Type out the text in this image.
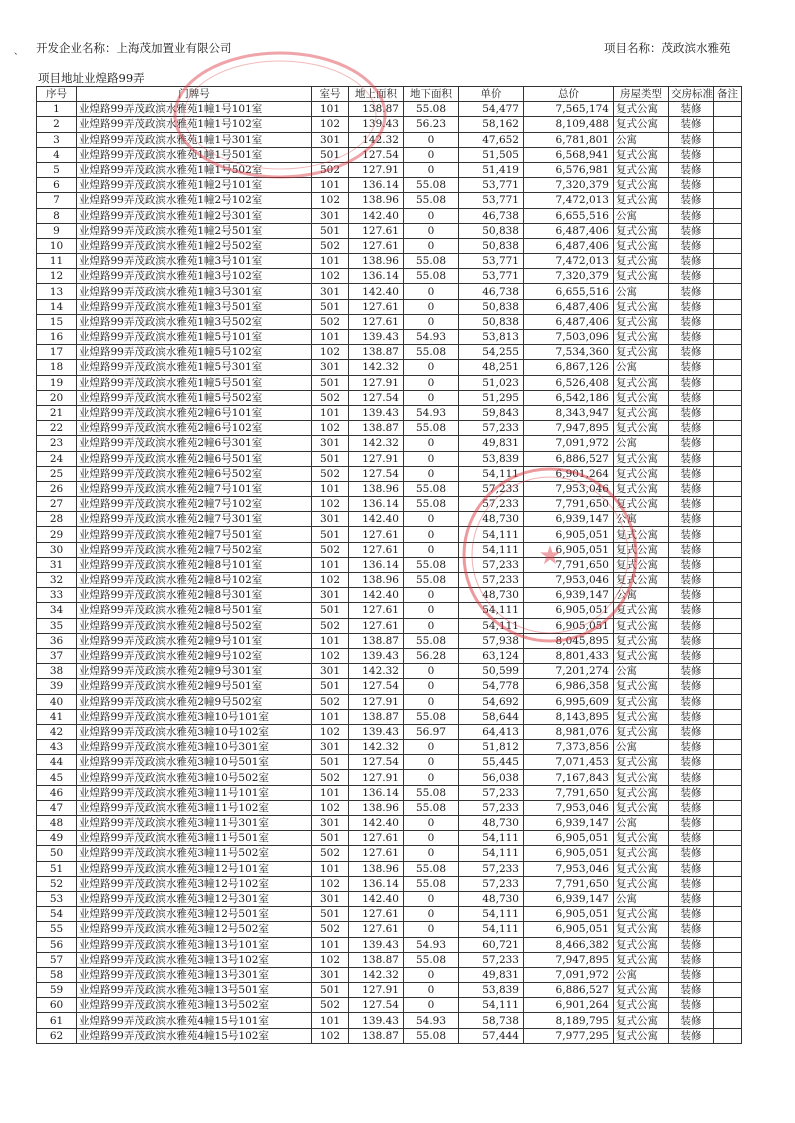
、 开发企业名称：上海茂加置业有限公司	项目名称：茂政滨水雅苑
项目地址业煌路99弄
序号	门牌号	室号	地上面积	地下面积	单价	总价	房屋类型	交房标准	备注
1	业煌路99弄茂政滨水雅苑1幢1号101室	101	138.87	55.08	54,477	7,565,174	复式公寓	装修	
2	业煌路99弄茂政滨水雅苑1幢1号102室	102	139.43	56.23	58,162	8,109,488	复式公寓	装修	
3	业煌路99弄茂政滨水雅苑1幢1号301室	301	142.32	0	47,652	6,781,801	公寓	装修	
4	业煌路99弄茂政滨水雅苑1幢1号501室	501	127.54	0	51,505	6,568,941	复式公寓	装修	
5	业煌路99弄茂政滨水雅苑1幢1号502室	502	127.91	0	51,419	6,576,981	复式公寓	装修	
6	业煌路99弄茂政滨水雅苑1幢2号101室	101	136.14	55.08	53,771	7,320,379	复式公寓	装修	
7	业煌路99弄茂政滨水雅苑1幢2号102室	102	138.96	55.08	53,771	7,472,013	复式公寓	装修	
8	业煌路99弄茂政滨水雅苑1幢2号301室	301	142.40	0	46,738	6,655,516	公寓	装修	
9	业煌路99弄茂政滨水雅苑1幢2号501室	501	127.61	0	50,838	6,487,406	复式公寓	装修	
10	业煌路99弄茂政滨水雅苑1幢2号502室	502	127.61	0	50,838	6,487,406	复式公寓	装修	
11	业煌路99弄茂政滨水雅苑1幢3号101室	101	138.96	55.08	53,771	7,472,013	复式公寓	装修	
12	业煌路99弄茂政滨水雅苑1幢3号102室	102	136.14	55.08	53,771	7,320,379	复式公寓	装修	
13	业煌路99弄茂政滨水雅苑1幢3号301室	301	142.40	0	46,738	6,655,516	公寓	装修	
14	业煌路99弄茂政滨水雅苑1幢3号501室	501	127.61	0	50,838	6,487,406	复式公寓	装修	
15	业煌路99弄茂政滨水雅苑1幢3号502室	502	127.61	0	50,838	6,487,406	复式公寓	装修	
16	业煌路99弄茂政滨水雅苑1幢5号101室	101	139.43	54.93	53,813	7,503,096	复式公寓	装修	
17	业煌路99弄茂政滨水雅苑1幢5号102室	102	138.87	55.08	54,255	7,534,360	复式公寓	装修	
18	业煌路99弄茂政滨水雅苑1幢5号301室	301	142.32	0	48,251	6,867,126	公寓	装修	
19	业煌路99弄茂政滨水雅苑1幢5号501室	501	127.91	0	51,023	6,526,408	复式公寓	装修	
20	业煌路99弄茂政滨水雅苑1幢5号502室	502	127.54	0	51,295	6,542,186	复式公寓	装修	
21	业煌路99弄茂政滨水雅苑2幢6号101室	101	139.43	54.93	59,843	8,343,947	复式公寓	装修	
22	业煌路99弄茂政滨水雅苑2幢6号102室	102	138.87	55.08	57,233	7,947,895	复式公寓	装修	
23	业煌路99弄茂政滨水雅苑2幢6号301室	301	142.32	0	49,831	7,091,972	公寓	装修	
24	业煌路99弄茂政滨水雅苑2幢6号501室	501	127.91	0	53,839	6,886,527	复式公寓	装修	
25	业煌路99弄茂政滨水雅苑2幢6号502室	502	127.54	0	54,111	6,901,264	复式公寓	装修	
26	业煌路99弄茂政滨水雅苑2幢7号101室	101	138.96	55.08	57,233	7,953,046	复式公寓	装修	
27	业煌路99弄茂政滨水雅苑2幢7号102室	102	136.14	55.08	57,233	7,791,650	复式公寓	装修	
28	业煌路99弄茂政滨水雅苑2幢7号301室	301	142.40	0	48,730	6,939,147	公寓	装修	
29	业煌路99弄茂政滨水雅苑2幢7号501室	501	127.61	0	54,111	6,905,051	复式公寓	装修	
30	业煌路99弄茂政滨水雅苑2幢7号502室	502	127.61	0	54,111	6,905,051	复式公寓	装修	
31	业煌路99弄茂政滨水雅苑2幢8号101室	101	136.14	55.08	57,233	7,791,650	复式公寓	装修	
32	业煌路99弄茂政滨水雅苑2幢8号102室	102	138.96	55.08	57,233	7,953,046	复式公寓	装修	
33	业煌路99弄茂政滨水雅苑2幢8号301室	301	142.40	0	48,730	6,939,147	公寓	装修	
34	业煌路99弄茂政滨水雅苑2幢8号501室	501	127.61	0	54,111	6,905,051	复式公寓	装修	
35	业煌路99弄茂政滨水雅苑2幢8号502室	502	127.61	0	54,111	6,905,051	复式公寓	装修	
36	业煌路99弄茂政滨水雅苑2幢9号101室	101	138.87	55.08	57,938	8,045,895	复式公寓	装修	
37	业煌路99弄茂政滨水雅苑2幢9号102室	102	139.43	56.28	63,124	8,801,433	复式公寓	装修	
38	业煌路99弄茂政滨水雅苑2幢9号301室	301	142.32	0	50,599	7,201,274	公寓	装修	
39	业煌路99弄茂政滨水雅苑2幢9号501室	501	127.54	0	54,778	6,986,358	复式公寓	装修	
40	业煌路99弄茂政滨水雅苑2幢9号502室	502	127.91	0	54,692	6,995,609	复式公寓	装修	
41	业煌路99弄茂政滨水雅苑3幢10号101室	101	138.87	55.08	58,644	8,143,895	复式公寓	装修	
42	业煌路99弄茂政滨水雅苑3幢10号102室	102	139.43	56.97	64,413	8,981,076	复式公寓	装修	
43	业煌路99弄茂政滨水雅苑3幢10号301室	301	142.32	0	51,812	7,373,856	公寓	装修	
44	业煌路99弄茂政滨水雅苑3幢10号501室	501	127.54	0	55,445	7,071,453	复式公寓	装修	
45	业煌路99弄茂政滨水雅苑3幢10号502室	502	127.91	0	56,038	7,167,843	复式公寓	装修	
46	业煌路99弄茂政滨水雅苑3幢11号101室	101	136.14	55.08	57,233	7,791,650	复式公寓	装修	
47	业煌路99弄茂政滨水雅苑3幢11号102室	102	138.96	55.08	57,233	7,953,046	复式公寓	装修	
48	业煌路99弄茂政滨水雅苑3幢11号301室	301	142.40	0	48,730	6,939,147	公寓	装修	
49	业煌路99弄茂政滨水雅苑3幢11号501室	501	127.61	0	54,111	6,905,051	复式公寓	装修	
50	业煌路99弄茂政滨水雅苑3幢11号502室	502	127.61	0	54,111	6,905,051	复式公寓	装修	
51	业煌路99弄茂政滨水雅苑3幢12号101室	101	138.96	55.08	57,233	7,953,046	复式公寓	装修	
52	业煌路99弄茂政滨水雅苑3幢12号102室	102	136.14	55.08	57,233	7,791,650	复式公寓	装修	
53	业煌路99弄茂政滨水雅苑3幢12号301室	301	142.40	0	48,730	6,939,147	公寓	装修	
54	业煌路99弄茂政滨水雅苑3幢12号501室	501	127.61	0	54,111	6,905,051	复式公寓	装修	
55	业煌路99弄茂政滨水雅苑3幢12号502室	502	127.61	0	54,111	6,905,051	复式公寓	装修	
56	业煌路99弄茂政滨水雅苑3幢13号101室	101	139.43	54.93	60,721	8,466,382	复式公寓	装修	
57	业煌路99弄茂政滨水雅苑3幢13号102室	102	138.87	55.08	57,233	7,947,895	复式公寓	装修	
58	业煌路99弄茂政滨水雅苑3幢13号301室	301	142.32	0	49,831	7,091,972	公寓	装修	
59	业煌路99弄茂政滨水雅苑3幢13号501室	501	127.91	0	53,839	6,886,527	复式公寓	装修	
60	业煌路99弄茂政滨水雅苑3幢13号502室	502	127.54	0	54,111	6,901,264	复式公寓	装修	
61	业煌路99弄茂政滨水雅苑4幢15号101室	101	139.43	54.93	58,738	8,189,795	复式公寓	装修	
62	业煌路99弄茂政滨水雅苑4幢15号102室	102	138.87	55.08	57,444	7,977,295	复式公寓	装修	
★
